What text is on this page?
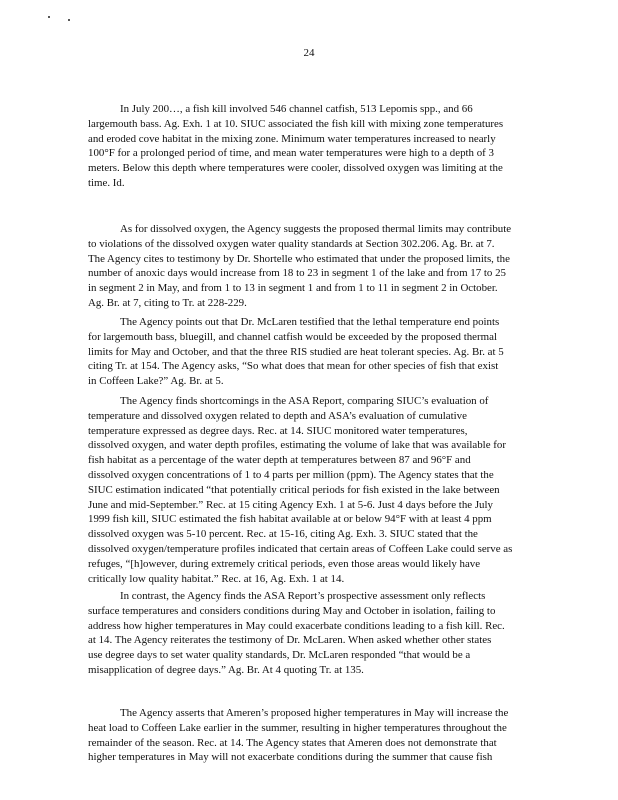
24
In July 200…, a fish kill involved 546 channel catfish, 513 Lepomis spp., and 66
largemouth bass. Ag. Exh. 1 at 10. SIUC associated the fish kill with mixing zone temperatures
and eroded cove habitat in the mixing zone. Minimum water temperatures increased to nearly
100°F for a prolonged period of time, and mean water temperatures were high to a depth of 3
meters. Below this depth where temperatures were cooler, dissolved oxygen was limiting at the
time. Id.
As for dissolved oxygen, the Agency suggests the proposed thermal limits may contribute
to violations of the dissolved oxygen water quality standards at Section 302.206. Ag. Br. at 7.
The Agency cites to testimony by Dr. Shortelle who estimated that under the proposed limits, the
number of anoxic days would increase from 18 to 23 in segment 1 of the lake and from 17 to 25
in segment 2 in May, and from 1 to 13 in segment 1 and from 1 to 11 in segment 2 in October.
Ag. Br. at 7, citing to Tr. at 228-229.
The Agency points out that Dr. McLaren testified that the lethal temperature end points
for largemouth bass, bluegill, and channel catfish would be exceeded by the proposed thermal
limits for May and October, and that the three RIS studied are heat tolerant species. Ag. Br. at 5
citing Tr. at 154. The Agency asks, “So what does that mean for other species of fish that exist
in Coffeen Lake?” Ag. Br. at 5.
The Agency finds shortcomings in the ASA Report, comparing SIUC’s evaluation of
temperature and dissolved oxygen related to depth and ASA’s evaluation of cumulative
temperature expressed as degree days. Rec. at 14. SIUC monitored water temperatures,
dissolved oxygen, and water depth profiles, estimating the volume of lake that was available for
fish habitat as a percentage of the water depth at temperatures between 87 and 96°F and
dissolved oxygen concentrations of 1 to 4 parts per million (ppm). The Agency states that the
SIUC estimation indicated “that potentially critical periods for fish existed in the lake between
June and mid-September.” Rec. at 15 citing Agency Exh. 1 at 5-6. Just 4 days before the July
1999 fish kill, SIUC estimated the fish habitat available at or below 94°F with at least 4 ppm
dissolved oxygen was 5-10 percent. Rec. at 15-16, citing Ag. Exh. 3. SIUC stated that the
dissolved oxygen/temperature profiles indicated that certain areas of Coffeen Lake could serve as
refuges, “[h]owever, during extremely critical periods, even those areas would likely have
critically low quality habitat.” Rec. at 16, Ag. Exh. 1 at 14.
In contrast, the Agency finds the ASA Report’s prospective assessment only reflects
surface temperatures and considers conditions during May and October in isolation, failing to
address how higher temperatures in May could exacerbate conditions leading to a fish kill. Rec.
at 14. The Agency reiterates the testimony of Dr. McLaren. When asked whether other states
use degree days to set water quality standards, Dr. McLaren responded “that would be a
misapplication of degree days.” Ag. Br. At 4 quoting Tr. at 135.
The Agency asserts that Ameren’s proposed higher temperatures in May will increase the
heat load to Coffeen Lake earlier in the summer, resulting in higher temperatures throughout the
remainder of the season. Rec. at 14. The Agency states that Ameren does not demonstrate that
higher temperatures in May will not exacerbate conditions during the summer that cause fish
